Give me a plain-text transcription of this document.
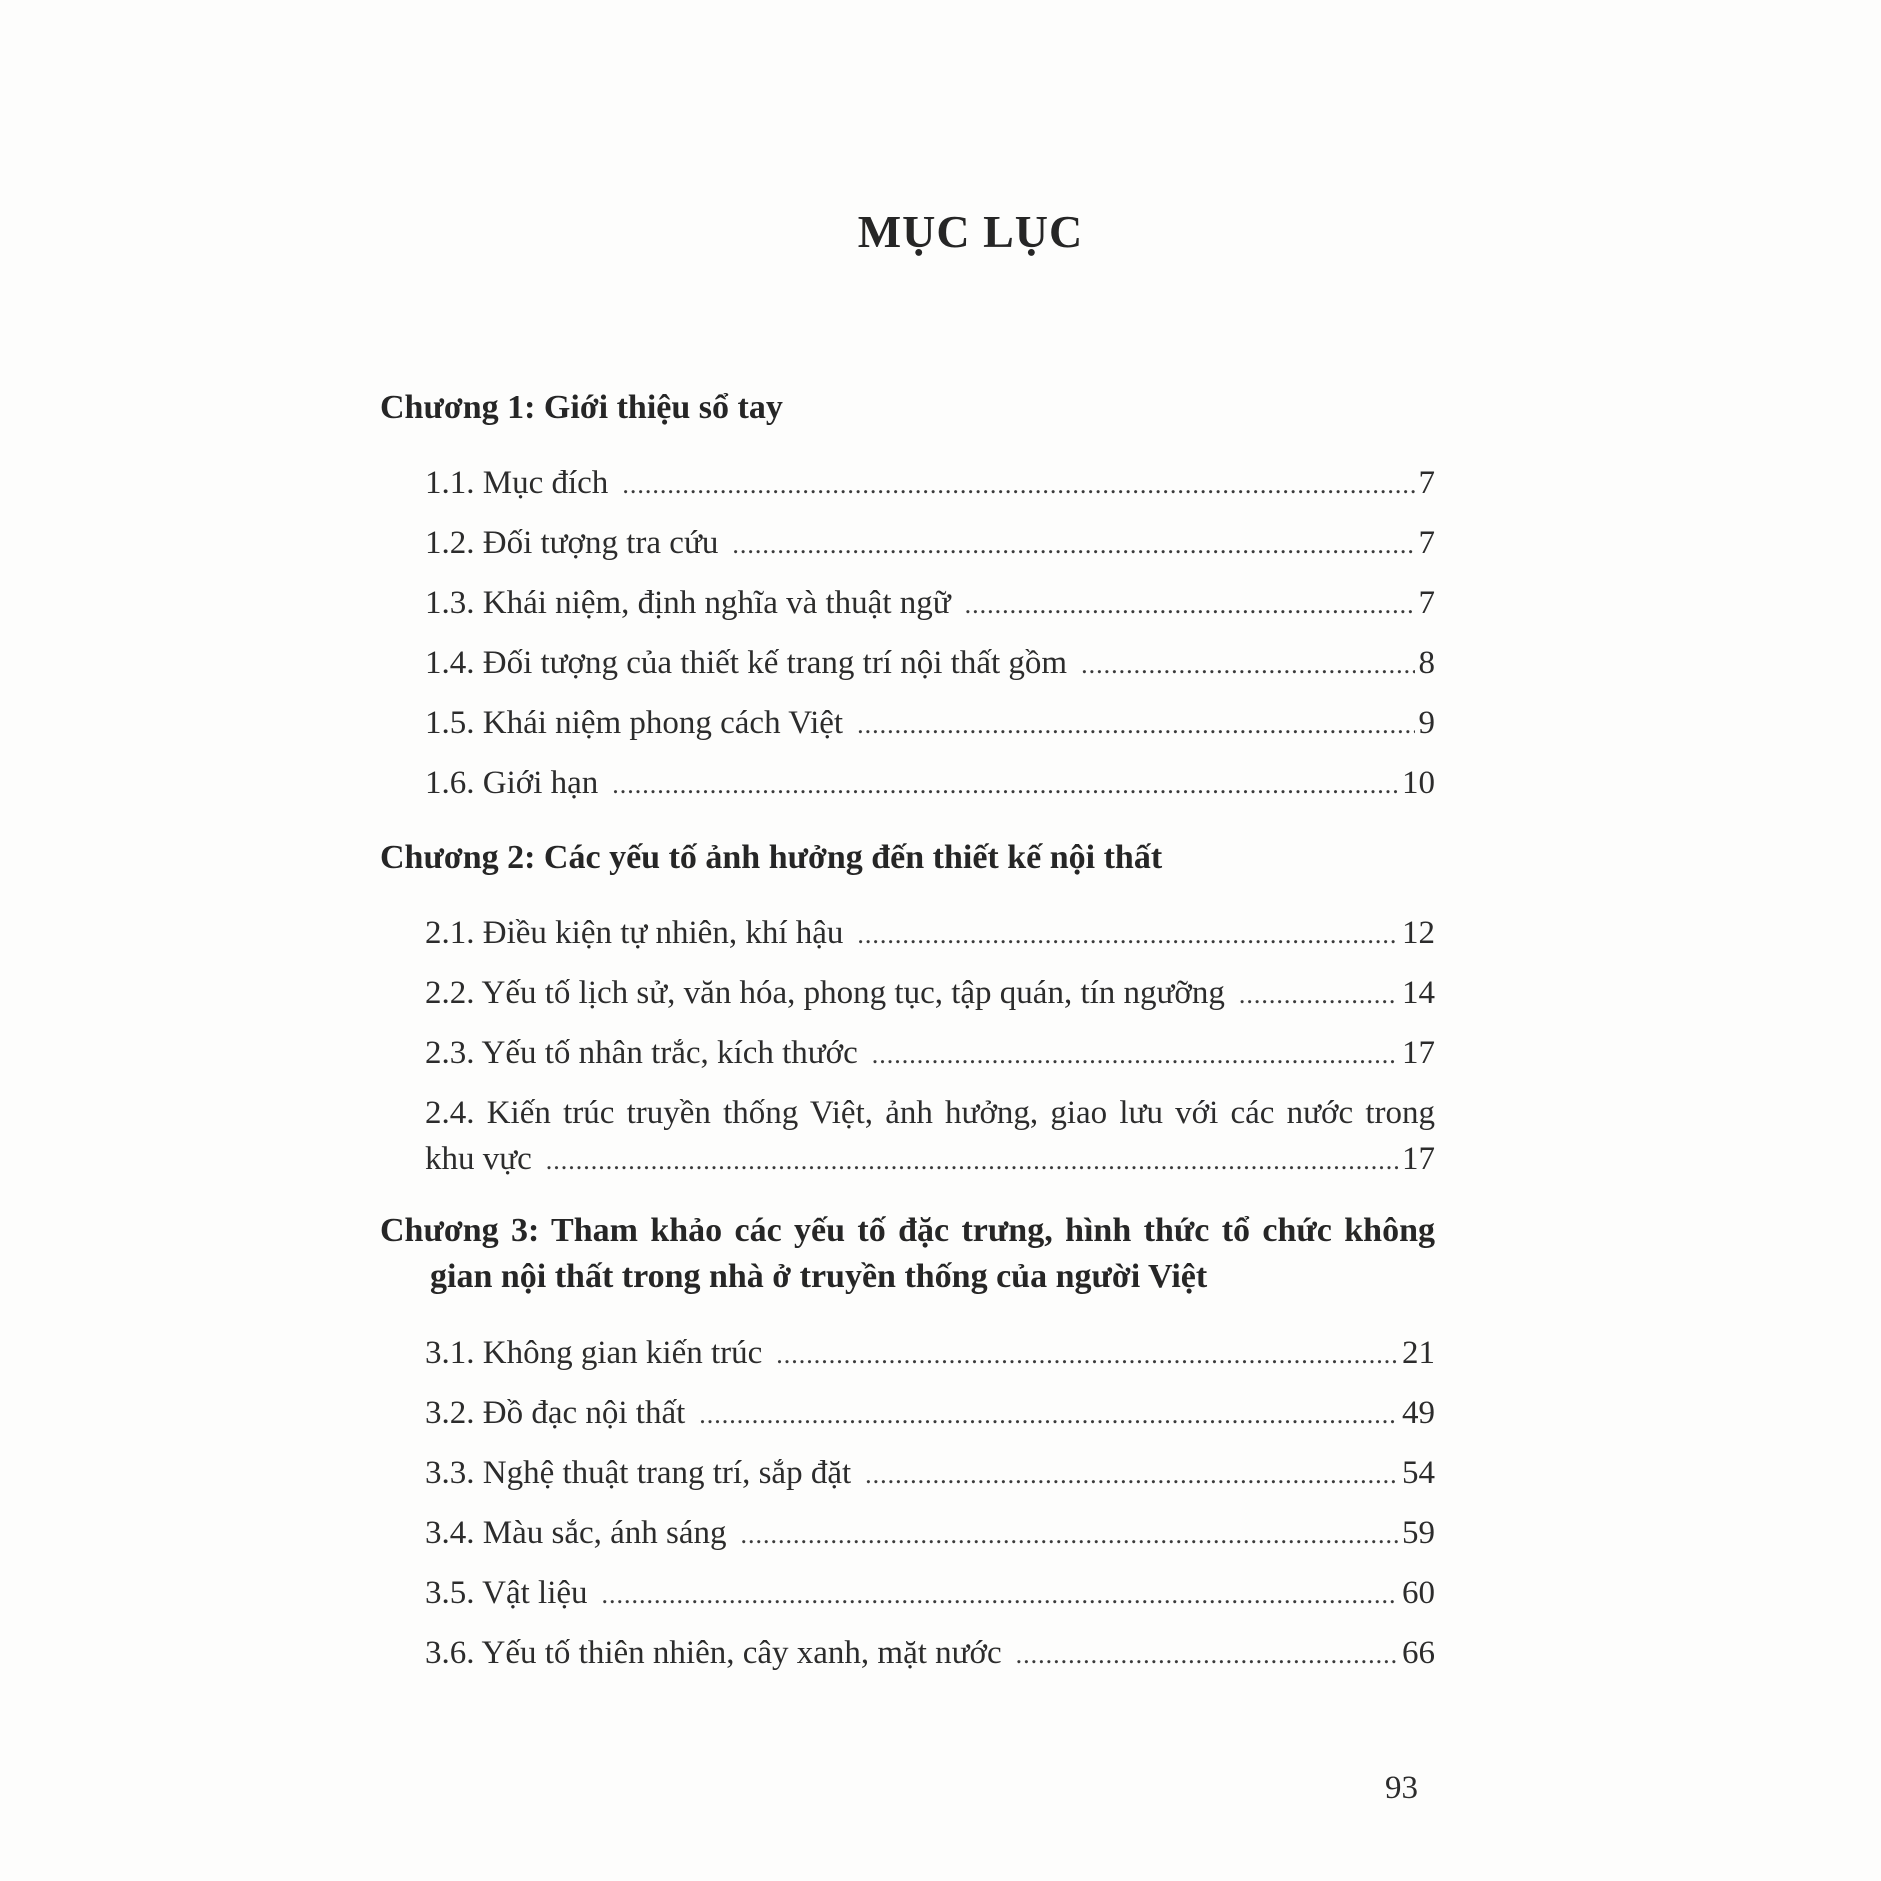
MỤC LỤC
Chương 1: Giới thiệu sổ tay
1.1. Mục đích .....	7
1.2. Đối tượng tra cứu .....	7
1.3. Khái niệm, định nghĩa và thuật ngữ .....	7
1.4. Đối tượng của thiết kế trang trí nội thất gồm .....	8
1.5. Khái niệm phong cách Việt .....	9
1.6. Giới hạn .....	10
Chương 2: Các yếu tố ảnh hưởng đến thiết kế nội thất
2.1. Điều kiện tự nhiên, khí hậu .....	12
2.2. Yếu tố lịch sử, văn hóa, phong tục, tập quán, tín ngưỡng .....	14
2.3. Yếu tố nhân trắc, kích thước .....	17
2.4. Kiến trúc truyền thống Việt, ảnh hưởng, giao lưu với các nước trong
khu vực .....	17
Chương 3: Tham khảo các yếu tố đặc trưng, hình thức tổ chức không
gian nội thất trong nhà ở truyền thống của người Việt
3.1. Không gian kiến trúc .....	21
3.2. Đồ đạc nội thất .....	49
3.3. Nghệ thuật trang trí, sắp đặt .....	54
3.4. Màu sắc, ánh sáng .....	59
3.5. Vật liệu .....	60
3.6. Yếu tố thiên nhiên, cây xanh, mặt nước .....	66
93
